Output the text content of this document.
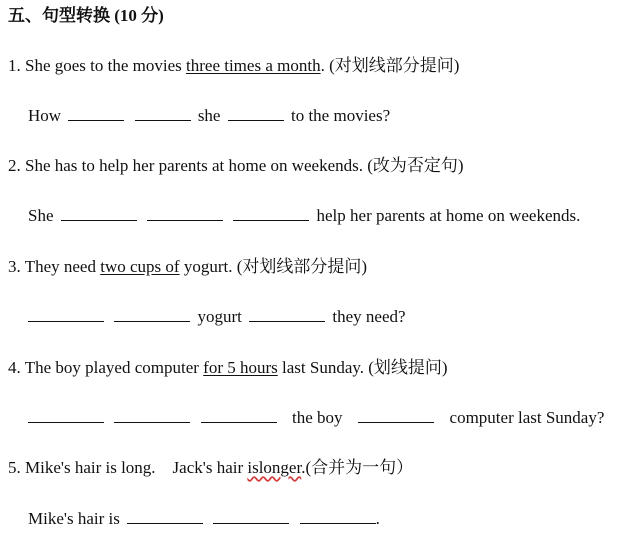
五、句型转换 (10 分)
1. She goes to the movies three times a month. (对划线部分提问)
How	she	to the movies?
2. She has to help her parents at home on weekends. (改为否定句)
She	help her parents at home on weekends.
3. They need two cups of yogurt. (对划线部分提问)
yogurt	they need?
4. The boy played computer for 5 hours last Sunday. (划线提问)
the boy	computer last Sunday?
5. Mike's hair is long.    Jack's hair islonger.(合并为一句）
Mike's hair is	.
